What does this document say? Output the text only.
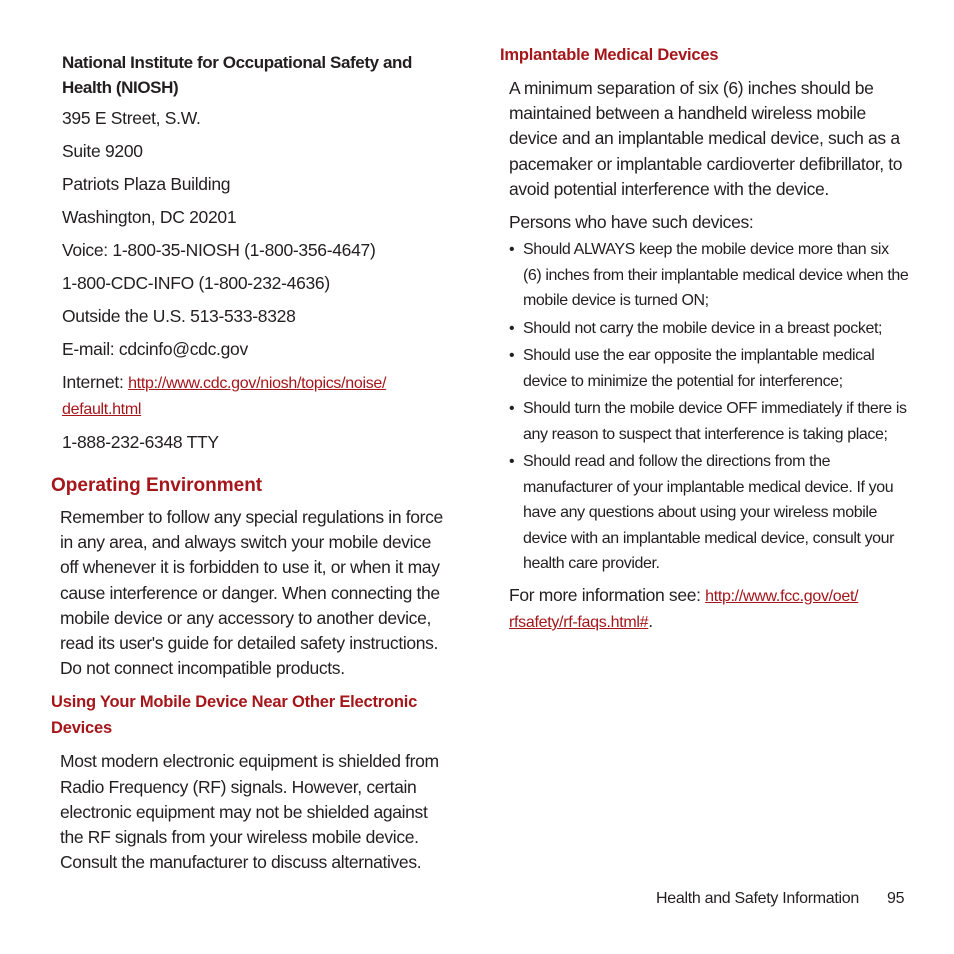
National Institute for Occupational Safety and Health (NIOSH)
395 E Street, S.W.
Suite 9200
Patriots Plaza Building
Washington, DC 20201
Voice: 1-800-35-NIOSH (1-800-356-4647)
1-800-CDC-INFO (1-800-232-4636)
Outside the U.S. 513-533-8328
E-mail: cdcinfo@cdc.gov
Internet: http://www.cdc.gov/niosh/topics/noise/
default.html
1-888-232-6348 TTY
Operating Environment

Remember to follow any special regulations in force in any area, and always switch your mobile device off whenever it is forbidden to use it, or when it may cause interference or danger. When connecting the mobile device or any accessory to another device, read its user's guide for detailed safety instructions. Do not connect incompatible products.

Using Your Mobile Device Near Other Electronic Devices

Most modern electronic equipment is shielded from Radio Frequency (RF) signals. However, certain electronic equipment may not be shielded against the RF signals from your wireless mobile device. Consult the manufacturer to discuss alternatives.

Implantable Medical Devices

A minimum separation of six (6) inches should be maintained between a handheld wireless mobile device and an implantable medical device, such as a pacemaker or implantable cardioverter defibrillator, to avoid potential interference with the device.

Persons who have such devices:

• Should ALWAYS keep the mobile device more than six (6) inches from their implantable medical device when the mobile device is turned ON;
• Should not carry the mobile device in a breast pocket;
• Should use the ear opposite the implantable medical device to minimize the potential for interference;
• Should turn the mobile device OFF immediately if there is any reason to suspect that interference is taking place;
• Should read and follow the directions from the manufacturer of your implantable medical device. If you have any questions about using your wireless mobile device with an implantable medical device, consult your health care provider.

For more information see: http://www.fcc.gov/oet/
rfsafety/rf-faqs.html#.

Health and Safety Information 95
